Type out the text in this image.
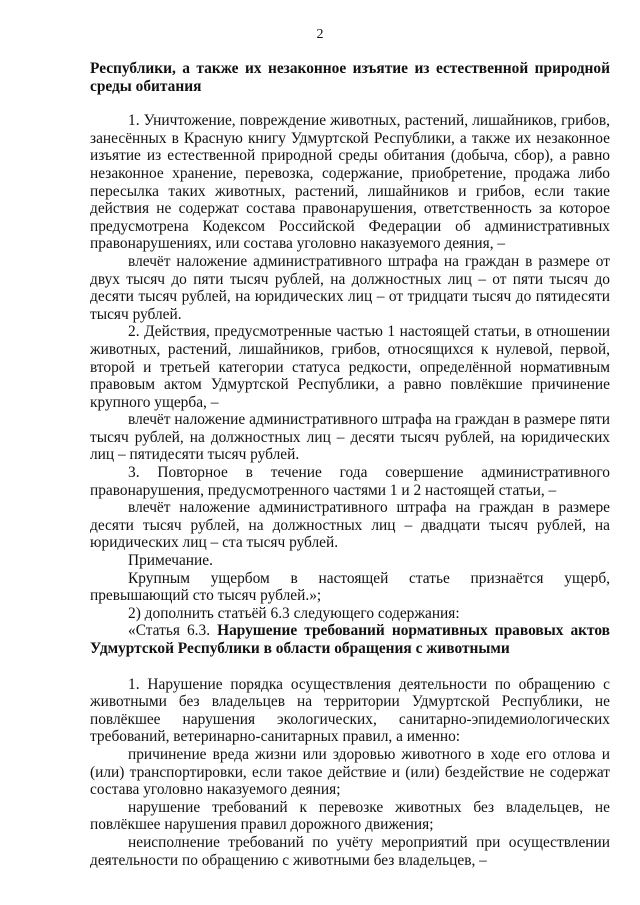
2

Республики, а также их незаконное изъятие из естественной природной среды обитания

1. Уничтожение, повреждение животных, растений, лишайников, грибов, занесённых в Красную книгу Удмуртской Республики, а также их незаконное изъятие из естественной природной среды обитания (добыча, сбор), а равно незаконное хранение, перевозка, содержание, приобретение, продажа либо пересылка таких животных, растений, лишайников и грибов, если такие действия не содержат состава правонарушения, ответственность за которое предусмотрена Кодексом Российской Федерации об административных правонарушениях, или состава уголовно наказуемого деяния, –

влечёт наложение административного штрафа на граждан в размере от двух тысяч до пяти тысяч рублей, на должностных лиц – от пяти тысяч до десяти тысяч рублей, на юридических лиц – от тридцати тысяч до пятидесяти тысяч рублей.

2. Действия, предусмотренные частью 1 настоящей статьи, в отношении животных, растений, лишайников, грибов, относящихся к нулевой, первой, второй и третьей категории статуса редкости, определённой нормативным правовым актом Удмуртской Республики, а равно повлёкшие причинение крупного ущерба, –

влечёт наложение административного штрафа на граждан в размере пяти тысяч рублей, на должностных лиц – десяти тысяч рублей, на юридических лиц – пятидесяти тысяч рублей.

3. Повторное в течение года совершение административного правонарушения, предусмотренного частями 1 и 2 настоящей статьи, –

влечёт наложение административного штрафа на граждан в размере десяти тысяч рублей, на должностных лиц – двадцати тысяч рублей, на юридических лиц – ста тысяч рублей.

Примечание.

Крупным ущербом в настоящей статье признаётся ущерб, превышающий сто тысяч рублей.»;

2) дополнить статьёй 6.3 следующего содержания:

«Статья 6.3. Нарушение требований нормативных правовых актов Удмуртской Республики в области обращения с животными

1. Нарушение порядка осуществления деятельности по обращению с животными без владельцев на территории Удмуртской Республики, не повлёкшее нарушения экологических, санитарно-эпидемиологических требований, ветеринарно-санитарных правил, а именно:

причинение вреда жизни или здоровью животного в ходе его отлова и (или) транспортировки, если такое действие и (или) бездействие не содержат состава уголовно наказуемого деяния;

нарушение требований к перевозке животных без владельцев, не повлёкшее нарушения правил дорожного движения;

неисполнение требований по учёту мероприятий при осуществлении деятельности по обращению с животными без владельцев, –
